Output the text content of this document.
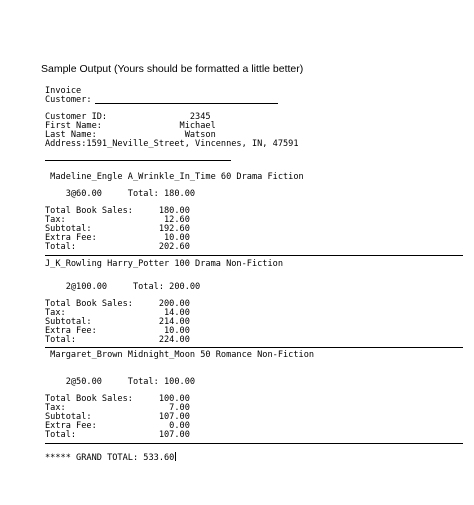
Sample Output (Yours should be formatted a little better)
Invoice
Customer:
Customer ID:                2345
First Name:               Michael
Last Name:                 Watson
Address:1591_Neville_Street, Vincennes, IN, 47591
Madeline_Engle A_Wrinkle_In_Time 60 Drama Fiction
3@60.00     Total: 180.00
Total Book Sales:     180.00
Tax:                   12.60
Subtotal:             192.60
Extra Fee:             10.00
Total:                202.60
J_K_Rowling Harry_Potter 100 Drama Non-Fiction
2@100.00     Total: 200.00
Total Book Sales:     200.00
Tax:                   14.00
Subtotal:             214.00
Extra Fee:             10.00
Total:                224.00
Margaret_Brown Midnight_Moon 50 Romance Non-Fiction
2@50.00     Total: 100.00
Total Book Sales:     100.00
Tax:                    7.00
Subtotal:             107.00
Extra Fee:              0.00
Total:                107.00
***** GRAND TOTAL: 533.60
